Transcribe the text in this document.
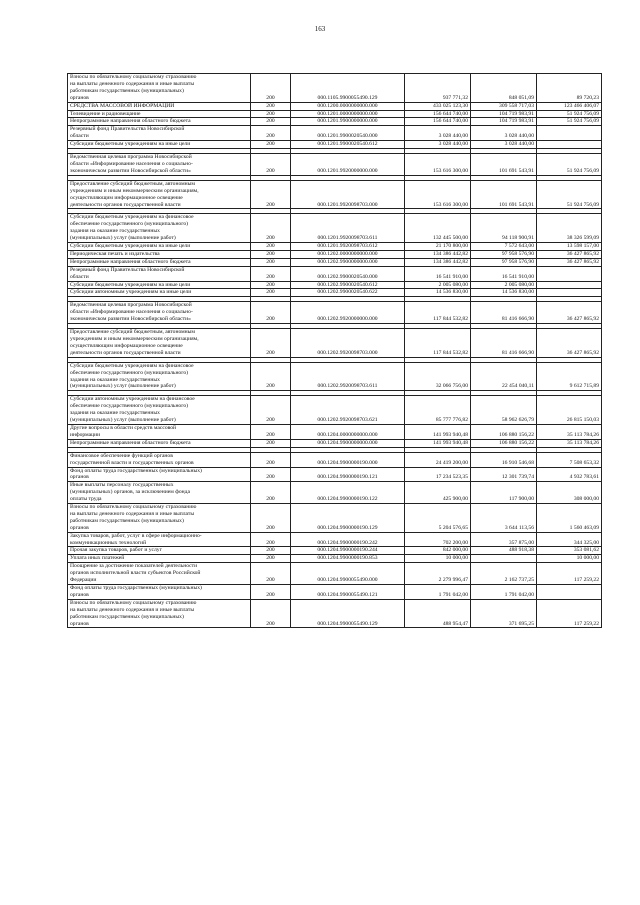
163
Взносы по обязательному социальному страхованию
на выплаты денежного содержания и иные выплаты
работникам государственных (муниципальных)
органов	200	000.1105.9900055490.129	937 771,32	848 051,09	89 720,23
СРЕДСТВА МАССОВОЙ ИНФОРМАЦИИ	200	000.1200.0000000000.000	433 025 123,30	309 558 717,03	123 466 406,07
Телевидение и радиовещание	200	000.1201.0000000000.000	156 644 740,00	104 719 983,91	51 924 756,09
Непрограммные направления областного бюджета	200	000.1201.9900000000.000	156 644 740,00	104 719 983,91	51 924 756,09
Резервный фонд Правительства Новосибирской
области	200	000.1201.9900020540.000	3 028 440,00	3 028 440,00	
Субсидии бюджетным учреждениям на иные цели	200	000.1201.9900020540.612	3 028 440,00	3 028 440,00	

Ведомственная целевая программа Новосибирской
области «Информирование населения о социально-
экономическом развитии Новосибирской области»	200	000.1201.9920000000.000	153 616 300,00	101 691 543,91	51 924 756,09

Предоставление субсидий бюджетным, автономным
учреждениям и иным некоммерческим организациям,
осуществляющим информационное освещение
деятельности органов государственной власти	200	000.1201.9920098703.000	153 616 300,00	101 691 543,91	51 924 756,09

Субсидии бюджетным учреждениям на финансовое
обеспечение государственного (муниципального)
задания на оказание государственных
(муниципальных) услуг (выполнение работ)	200	000.1201.9920098703.611	132 445 500,00	94 118 900,91	38 326 599,09
Субсидии бюджетным учреждениям на иные цели	200	000.1201.9920098703.612	21 170 800,00	7 572 643,00	13 598 157,00
Периодическая печать и издательства	200	000.1202.0000000000.000	134 386 442,82	97 958 576,90	36 427 865,92
Непрограммные направления областного бюджета	200	000.1202.9900000000.000	134 386 442,82	97 958 576,90	36 427 865,92
Резервный фонд Правительства Новосибирской
области	200	000.1202.9900020540.000	16 541 910,00	16 541 910,00	
Субсидии бюджетным учреждениям на иные цели	200	000.1202.9900020540.612	2 005 080,00	2 005 080,00	
Субсидии автономным учреждениям на иные цели	200	000.1202.9900020540.622	14 536 830,00	14 536 830,00	

Ведомственная целевая программа Новосибирской
области «Информирование населения о социально-
экономическом развитии Новосибирской области»	200	000.1202.9920000000.000	117 844 532,82	81 416 666,90	36 427 865,92

Предоставление субсидий бюджетным, автономным
учреждениям и иным некоммерческим организациям,
осуществляющим информационное освещение
деятельности органов государственной власти	200	000.1202.9920098703.000	117 844 532,82	81 416 666,90	36 427 865,92

Субсидии бюджетным учреждениям на финансовое
обеспечение государственного (муниципального)
задания на оказание государственных
(муниципальных) услуг (выполнение работ)	200	000.1202.9920098703.611	32 066 756,00	22 454 040,11	9 612 715,89

Субсидии автономным учреждениям на финансовое
обеспечение государственного (муниципального)
задания на оказание государственных
(муниципальных) услуг (выполнение работ)	200	000.1202.9920098703.621	85 777 776,82	58 962 626,79	26 815 150,03
Другие вопросы в области средств массовой
информации	200	000.1204.0000000000.000	141 993 940,48	106 880 156,22	35 113 784,26
Непрограммные направления областного бюджета	200	000.1204.9900000000.000	141 993 940,48	106 880 156,22	35 113 784,26

Финансовое обеспечение функций органов
государственной власти и государственных органов	200	000.1204.9900000190.000	24 419 200,00	16 910 546,68	7 508 653,32
Фонд оплаты труда государственных (муниципальных)
органов	200	000.1204.9900000190.121	17 234 523,35	12 301 739,74	4 932 783,61
Иные выплаты персоналу государственных
(муниципальных) органов, за исключением фонда
оплаты труда	200	000.1204.9900000190.122	425 900,00	117 900,00	308 000,00
Взносы по обязательному социальному страхованию
на выплаты денежного содержания и иные выплаты
работникам государственных (муниципальных)
органов	200	000.1204.9900000190.129	5 204 576,65	3 644 113,56	1 560 463,09
Закупка товаров, работ, услуг в сфере информационно-
коммуникационных технологий	200	000.1204.9900000190.242	702 200,00	357 875,00	344 325,00
Прочая закупка товаров, работ и услуг	200	000.1204.9900000190.244	842 000,00	488 918,38	353 081,62
Уплата иных платежей	200	000.1204.9900000190.853	10 000,00		10 000,00
Поощрение за достижение показателей деятельности
органов исполнительной власти субъектов Российской
Федерации	200	000.1204.9900055490.000	2 279 996,47	2 162 737,25	117 259,22
Фонд оплаты труда государственных (муниципальных)
органов	200	000.1204.9900055490.121	1 791 042,00	1 791 042,00	
Взносы по обязательному социальному страхованию
на выплаты денежного содержания и иные выплаты
работникам государственных (муниципальных)
органов	200	000.1204.9900055490.129	488 954,47	371 695,25	117 259,22
